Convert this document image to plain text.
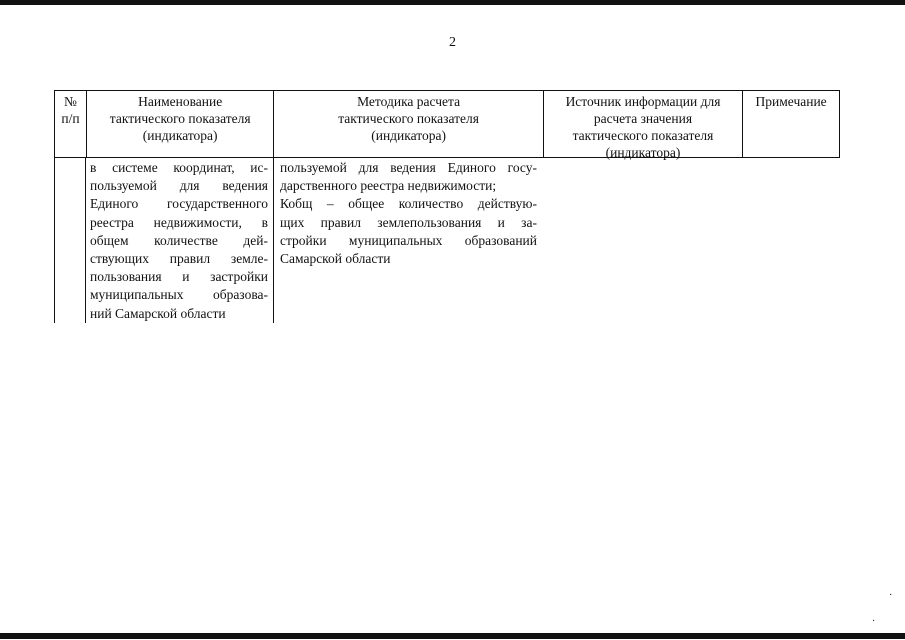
2
№
п/п
Наименование
тактического показателя
(индикатора)
Методика расчета
тактического показателя
(индикатора)
Источник информации для
расчета значения
тактического показателя
(индикатора)
Примечание
в системе координат, ис-
пользуемой для ведения
Единого государственного
реестра недвижимости, в
общем количестве дей-
ствующих правил земле-
пользования и застройки
муниципальных образова-
ний Самарской области
пользуемой для ведения Единого госу-
дарственного реестра недвижимости;
Кобщ – общее количество действую-
щих правил землепользования и за-
стройки муниципальных образований
Самарской области
·
·
